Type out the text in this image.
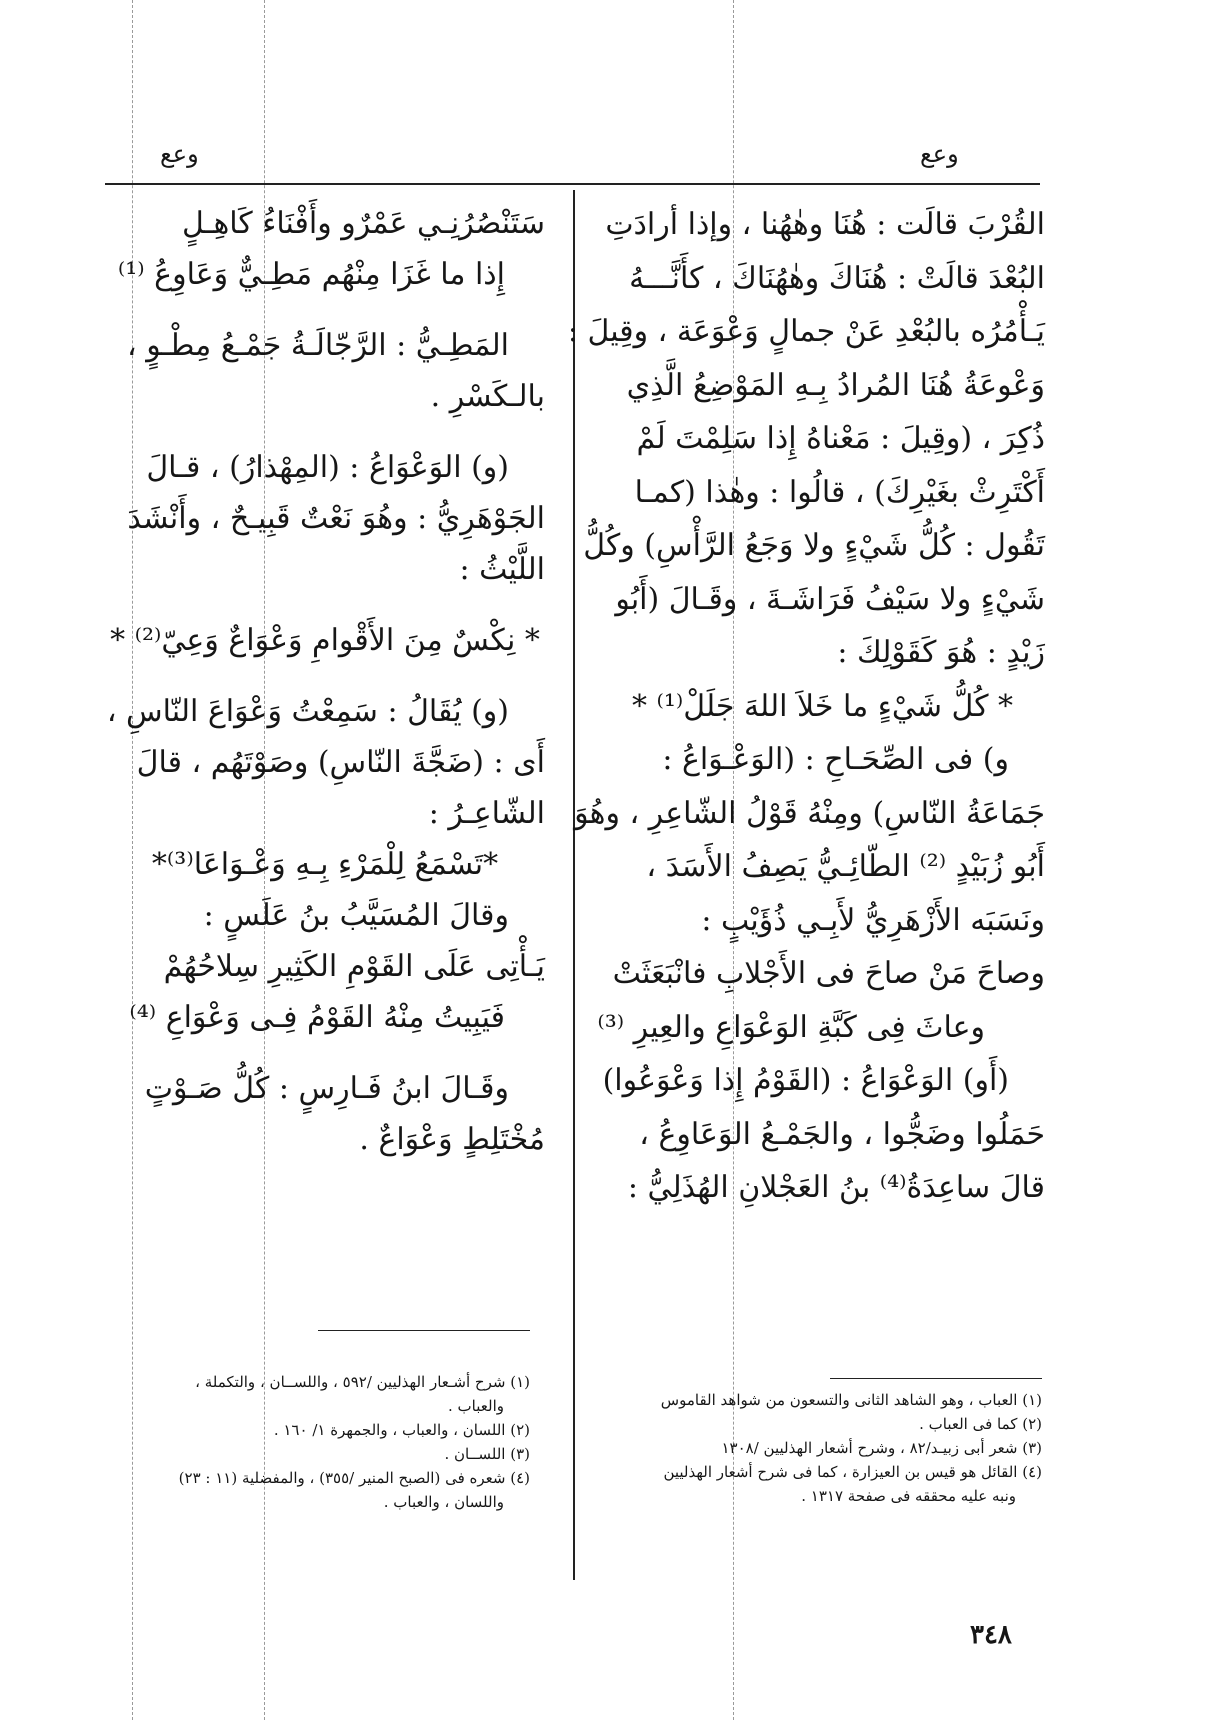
وعع
وعع
القُرْبَ قالَت : هُنَا وهٰهُنا ، وإذا أرادَتِ
البُعْدَ قالَتْ : هُنَاكَ وهٰهُنَاكَ ، كأَنَّـــهُ
يَـأْمُرُه بالبُعْدِ عَنْ جمالٍ وَعْوَعَة ، وقِيلَ :
وَعْوعَةُ هُنَا المُرادُ بِـهِ المَوْضِعُ الَّذِي
ذُكِرَ ، (وقِيلَ : مَعْناهُ إِذا سَلِمْتَ لَمْ
أَكْتَرِثْ بغَيْرِكَ) ، قالُوا : وهٰذا (كمـا
تَقُول : كُلُّ شَيْءٍ ولا وَجَعُ الرَّأْسِ) وكُلُّ
شَيْءٍ ولا سَيْفُ فَرَاشَـةَ ، وقَـالَ (أَبُو
زَيْدٍ : هُوَ كَقَوْلِكَ :
* كُلُّ شَيْءٍ ما خَلاَ اللهَ جَلَلْ⁽¹⁾ *
و) فى الصِّحَـاحِ : (الوَعْـوَاعُ :
جَمَاعَةُ النّاسِ) ومِنْهُ قَوْلُ الشّاعِرِ ، وهُوَ
أَبُو زُبَيْدٍ ⁽²⁾ الطّائِـيُّ يَصِفُ الأَسَدَ ،
ونَسَبَه الأَزْهَرِيُّ لأَبِـي ذُؤَيْبٍ :
وصاحَ مَنْ صاحَ فى الأَجْلابِ فانْبَعَثَتْ
وعاثَ فِى كَبَّةِ الوَعْوَاعِ والعِيرِ ⁽³⁾
(أَو) الوَعْوَاعُ : (القَوْمُ إِذا وَعْوَعُوا)
حَمَلُوا وضَجُّوا ، والجَمْـعُ الوَعَاوِعُ ،
قالَ ساعِدَةُ⁽⁴⁾ بنُ العَجْلانِ الهُذَلِيُّ :
سَتَنْصُرُنِـي عَمْرٌو وأَفْنَاءُ كَاهِـلٍ
إِذا ما غَزَا مِنْهُم مَطِـيٌّ وَعَاوِعُ ⁽¹⁾
المَطِـيُّ : الرَّجّالَـةُ جَمْـعُ مِطْـوٍ ،
بالـكَسْرِ .
(و) الوَعْوَاعُ : (المِهْذارُ) ، قـالَ
الجَوْهَرِيُّ : وهُوَ نَعْتٌ قَبِيـحٌ ، وأَنْشَدَ
اللَّيْثُ :
* نِكْسٌ مِنَ الأَقْوامِ وَعْوَاعٌ وَعِيّ⁽²⁾ *
(و) يُقَالُ : سَمِعْتُ وَعْوَاعَ النّاسِ ،
أَى : (ضَجَّةَ النّاسِ) وصَوْتَهُم ، قالَ
الشّاعِـرُ :
*تَسْمَعُ لِلْمَرْءِ بِـهِ وَعْـوَاعَا⁽³⁾*
وقالَ المُسَيَّبُ بنُ عَلَسٍ :
يَـأْتِى عَلَى القَوْمِ الكَثِيرِ سِلاحُهُمْ
فَيَبِيتُ مِنْهُ القَوْمُ فِـى وَعْوَاعِ ⁽⁴⁾
وقَـالَ ابنُ فَـارِسٍ : كُلُّ صَـوْتٍ
مُخْتَلِطٍ وَعْوَاعٌ .
(١) العباب ، وهو الشاهد الثانى والتسعون من شواهد القاموس
(٢) كما فى العباب .
(٣) شعر أبى زبيـد/٨٢ ، وشرح أشعار الهذليين /١٣٠٨
(٤) القائل هو قيس بن العيزارة ، كما فى شرح أشعار الهذليين
ونبه عليه محققه فى صفحة ١٣١٧ .
(١) شرح أشـعار الهذليين /٥٩٢ ، واللســان ، والتكملة ،
والعباب .
(٢) اللسان ، والعباب ، والجمهرة ١/ ١٦٠ .
(٣) اللســان .
(٤) شعره فى (الصبح المنير /٣٥٥) ، والمفضلية (١١ : ٢٣)
واللسان ، والعباب .
٣٤٨
